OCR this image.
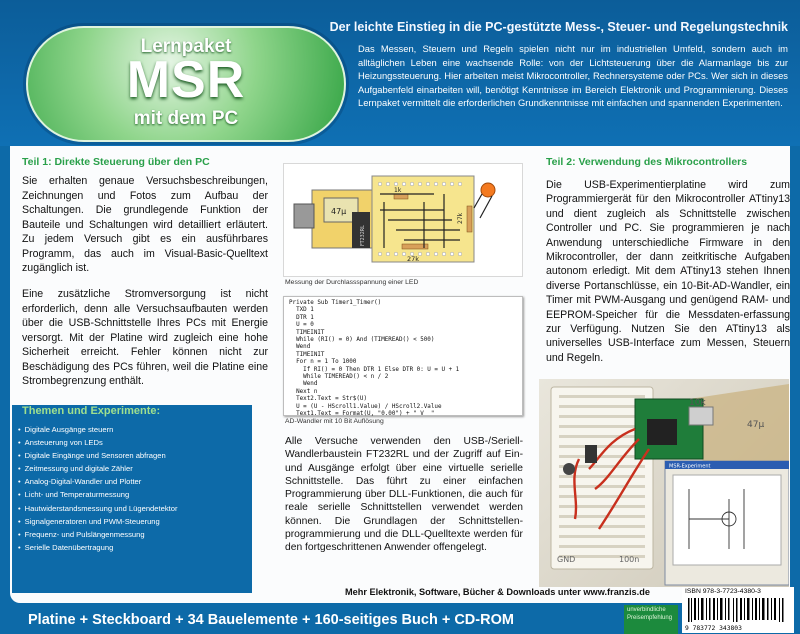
Der leichte Einstieg in die PC-gestützte Mess-, Steuer- und Regelungstechnik
Lernpaket
MSR
mit dem PC
Das Messen, Steuern und Regeln spielen nicht nur im industriellen Umfeld, sondern auch im alltäglichen Leben eine wachsende Rolle: von der Lichtsteuerung über die Alarmanlage bis zur Heizungssteuerung. Hier arbeiten meist Mikrocontroller, Rechnersysteme oder PCs. Wer sich in dieses Aufgabenfeld einarbeiten will, benötigt Kenntnisse im Bereich Elektronik und Programmierung. Dieses Lernpaket vermittelt die erforderlichen Grundkenntnisse mit einfachen und spannenden Experimenten.
Teil 1: Direkte Steuerung über den PC
Sie erhalten genaue Versuchsbeschreibungen, Zeichnungen und Fotos zum Aufbau der Schaltungen. Die grundlegende Funktion der Bauteile und Schaltungen wird detailliert erläutert. Zu jedem Versuch gibt es ein ausführbares Programm, das auch im Visual-Basic-Quelltext zugänglich ist.
Eine zusätzliche Stromversorgung ist nicht erforderlich, denn alle Versuchsaufbauten werden über die USB-Schnittstelle Ihres PCs mit Energie versorgt. Mit der Platine wird zugleich eine hohe Sicherheit erreicht. Fehler können nicht zur Beschädigung des PCs führen, weil die Platine eine Strombegrenzung enthält.
Themen und Experimente:
• Digitale Ausgänge steuern
• Ansteuerung von LEDs
• Digitale Eingänge und Sensoren abfragen
• Zeitmessung und digitale Zähler
• Analog-Digital-Wandler und Plotter
• Licht- und Temperaturmessung
• Hautwiderstandsmessung und Lügendetektor
• Signalgeneratoren und PWM-Steuerung
• Frequenz- und Pulslängenmessung
• Serielle Datenübertragung
47µ
1k
27k
27k
FT232RL
Messung der Durchlassspannung einer LED
Private Sub Timer1_Timer()
TXD 1
DTR 1
U = 0
TIMEINIT
While (RI() = 0) And (TIMEREAD() < 500)
Wend
TIMEINIT
For n = 1 To 1000
If RI() = 0 Then DTR 1 Else DTR 0: U = U + 1
While TIMEREAD() < n / 2
Wend
Next n
Text2.Text = Str$(U)
U = (U - HScroll1.Value) / HScroll2.Value
Text1.Text = Format(U, "0.00") + " V  "
AD-Wandler mit 10 Bit Auflösung
Alle Versuche verwenden den USB-/Seriell-Wandlerbaustein FT232RL und der Zugriff auf Ein- und Ausgänge erfolgt über eine virtuelle serielle Schnittstelle. Das führt zu einer einfachen Programmierung über DLL-Funktionen, die auch für reale serielle Schnittstellen verwendet werden können. Die Grundlagen der Schnittstellen-programmierung und die DLL-Quelltexte werden für den fortgeschrittenen Anwender offengelegt.
Teil 2: Verwendung des Mikrocontrollers
Die USB-Experimentierplatine wird zum Programmiergerät für den Mikrocontroller ATtiny13 und dient zugleich als Schnittstelle zwischen Controller und PC. Sie programmieren je nach Anwendung unterschiedliche Firmware in den Mikrocontroller, der dann zeitkritische Aufgaben autonom erledigt. Mit dem ATtiny13 stehen Ihnen diverse Portanschlüsse, ein 10-Bit-AD-Wandler, ein Timer mit PWM-Ausgang und genügend RAM- und EEPROM-Speicher für die Messdaten-erfassung zur Verfügung. Nutzen Sie den ATtiny13 als universelles USB-Interface zum Messen, Steuern und Regeln.
MSR-Experiment
10k
47µ
GND	100n
Mehr Elektronik, Software, Bücher & Downloads unter www.franzis.de
Platine + Steckboard + 34 Bauelemente + 160-seitiges Buch + CD-ROM
unverbindliche Preisempfehlung
ISBN 978-3-7723-4380-3
9 783772 343803
